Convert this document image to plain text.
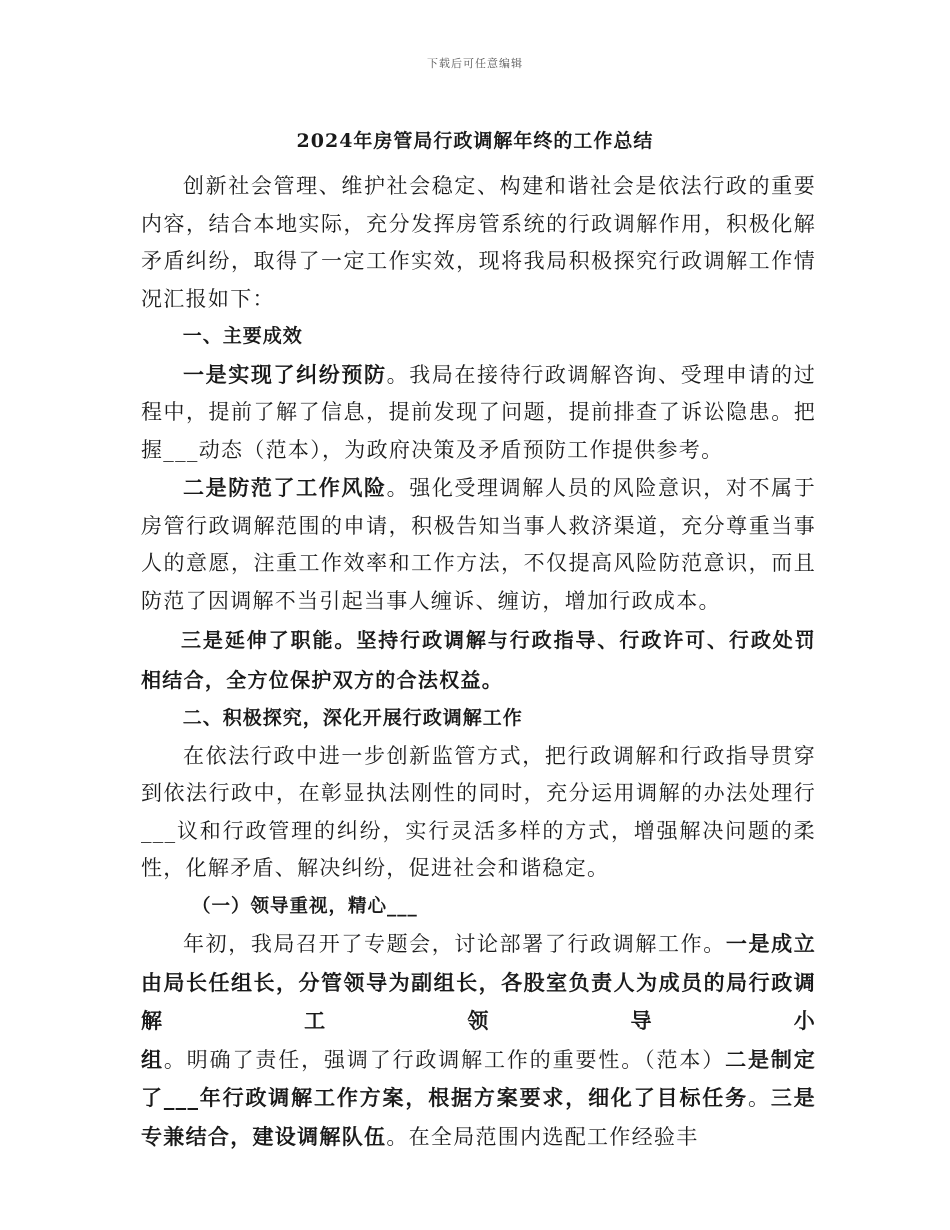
下载后可任意编辑
2024年房管局行政调解年终的工作总结

创新社会管理、维护社会稳定、构建和谐社会是依法行政的重要内容，结合本地实际，充分发挥房管系统的行政调解作用，积极化解矛盾纠纷，取得了一定工作实效，现将我局积极探究行政调解工作情况汇报如下：

一、主要成效

一是实现了纠纷预防。我局在接待行政调解咨询、受理申请的过程中，提前了解了信息，提前发现了问题，提前排查了诉讼隐患。把握___动态（范本），为政府决策及矛盾预防工作提供参考。

二是防范了工作风险。强化受理调解人员的风险意识，对不属于房管行政调解范围的申请，积极告知当事人救济渠道，充分尊重当事人的意愿，注重工作效率和工作方法，不仅提高风险防范意识，而且防范了因调解不当引起当事人缠诉、缠访，增加行政成本。

三是延伸了职能。坚持行政调解与行政指导、行政许可、行政处罚相结合，全方位保护双方的合法权益。

二、积极探究，深化开展行政调解工作

在依法行政中进一步创新监管方式，把行政调解和行政指导贯穿到依法行政中，在彰显执法刚性的同时，充分运用调解的办法处理行___议和行政管理的纠纷，实行灵活多样的方式，增强解决问题的柔性，化解矛盾、解决纠纷，促进社会和谐稳定。

（一）领导重视，精心___

年初，我局召开了专题会，讨论部署了行政调解工作。一是成立由局长任组长，分管领导为副组长，各股室负责人为成员的局行政调解工领导小组。明确了责任，强调了行政调解工作的重要性。（范本）二是制定了___年行政调解工作方案，根据方案要求，细化了目标任务。三是专兼结合，建设调解队伍。在全局范围内选配工作经验丰
